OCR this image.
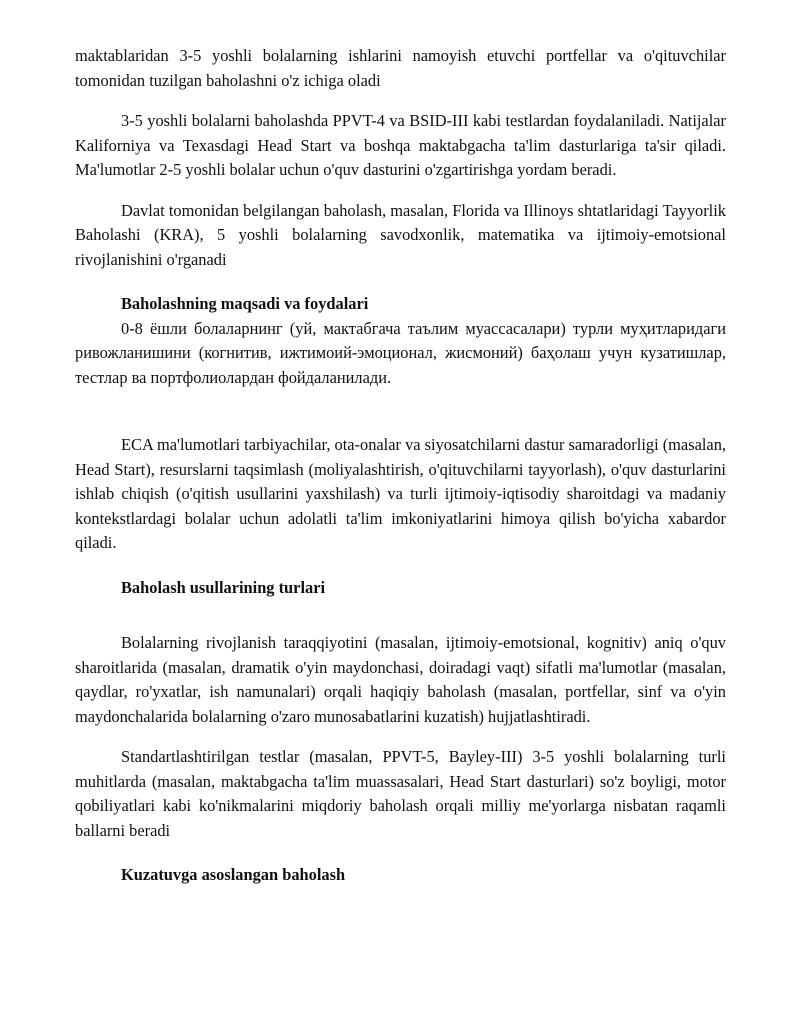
maktablaridan 3-5 yoshli bolalarning ishlarini namoyish etuvchi portfellar va o'qituvchilar tomonidan tuzilgan baholashni o'z ichiga oladi

3-5 yoshli bolalarni baholashda PPVT-4 va BSID-III kabi testlardan foydalaniladi. Natijalar Kaliforniya va Texasdagi Head Start va boshqa maktabgacha ta'lim dasturlariga ta'sir qiladi. Ma'lumotlar 2-5 yoshli bolalar uchun o'quv dasturini o'zgartirishga yordam beradi.

Davlat tomonidan belgilangan baholash, masalan, Florida va Illinoys shtatlaridagi Tayyorlik Baholashi (KRA), 5 yoshli bolalarning savodxonlik, matematika va ijtimoiy-emotsional rivojlanishini o'rganadi

Baholashning maqsadi va foydalari

0-8 ёшли болаларнинг (уй, мактабгача таълим муассасалари) турли муҳитларидаги ривожланишини (когнитив, ижтимоий-эмоционал, жисмоний) баҳолаш учун кузатишлар, тестлар ва портфолиолардан фойдаланилади.

ECA ma'lumotlari tarbiyachilar, ota-onalar va siyosatchilarni dastur samaradorligi (masalan, Head Start), resurslarni taqsimlash (moliyalashtirish, o'qituvchilarni tayyorlash), o'quv dasturlarini ishlab chiqish (o'qitish usullarini yaxshilash) va turli ijtimoiy-iqtisodiy sharoitdagi va madaniy kontekstlardagi bolalar uchun adolatli ta'lim imkoniyatlarini himoya qilish bo'yicha xabardor qiladi.

Baholash usullarining turlari

Bolalarning rivojlanish taraqqiyotini (masalan, ijtimoiy-emotsional, kognitiv) aniq o'quv sharoitlarida (masalan, dramatik o'yin maydonchasi, doiradagi vaqt) sifatli ma'lumotlar (masalan, qaydlar, ro'yxatlar, ish namunalari) orqali haqiqiy baholash (masalan, portfellar, sinf va o'yin maydonchalarida bolalarning o'zaro munosabatlarini kuzatish) hujjatlashtiradi.

Standartlashtirilgan testlar (masalan, PPVT-5, Bayley-III) 3-5 yoshli bolalarning turli muhitlarda (masalan, maktabgacha ta'lim muassasalari, Head Start dasturlari) so'z boyligi, motor qobiliyatlari kabi ko'nikmalarini miqdoriy baholash orqali milliy me'yorlarga nisbatan raqamli ballarni beradi

Kuzatuvga asoslangan baholash
